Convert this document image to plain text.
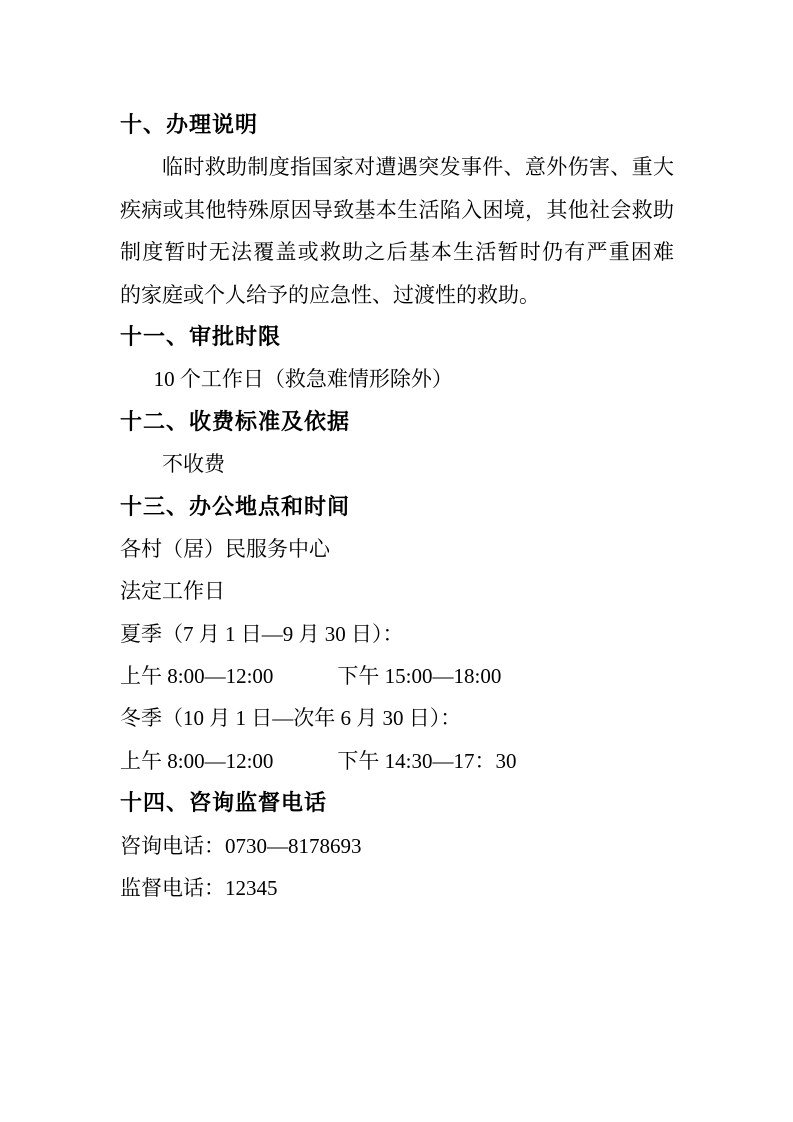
十、办理说明
临时救助制度指国家对遭遇突发事件、意外伤害、重大
疾病或其他特殊原因导致基本生活陷入困境，其他社会救助
制度暂时无法覆盖或救助之后基本生活暂时仍有严重困难
的家庭或个人给予的应急性、过渡性的救助。
十一、审批时限
10 个工作日（救急难情形除外）
十二、收费标准及依据
不收费
十三、办公地点和时间
各村（居）民服务中心
法定工作日
夏季（7 月 1 日—9 月 30 日）：
上午 8:00—12:00	下午 15:00—18:00
冬季（10 月 1 日—次年 6 月 30 日）：
上午 8:00—12:00	下午 14:30—17：30
十四、咨询监督电话
咨询电话：0730—8178693
监督电话：12345
